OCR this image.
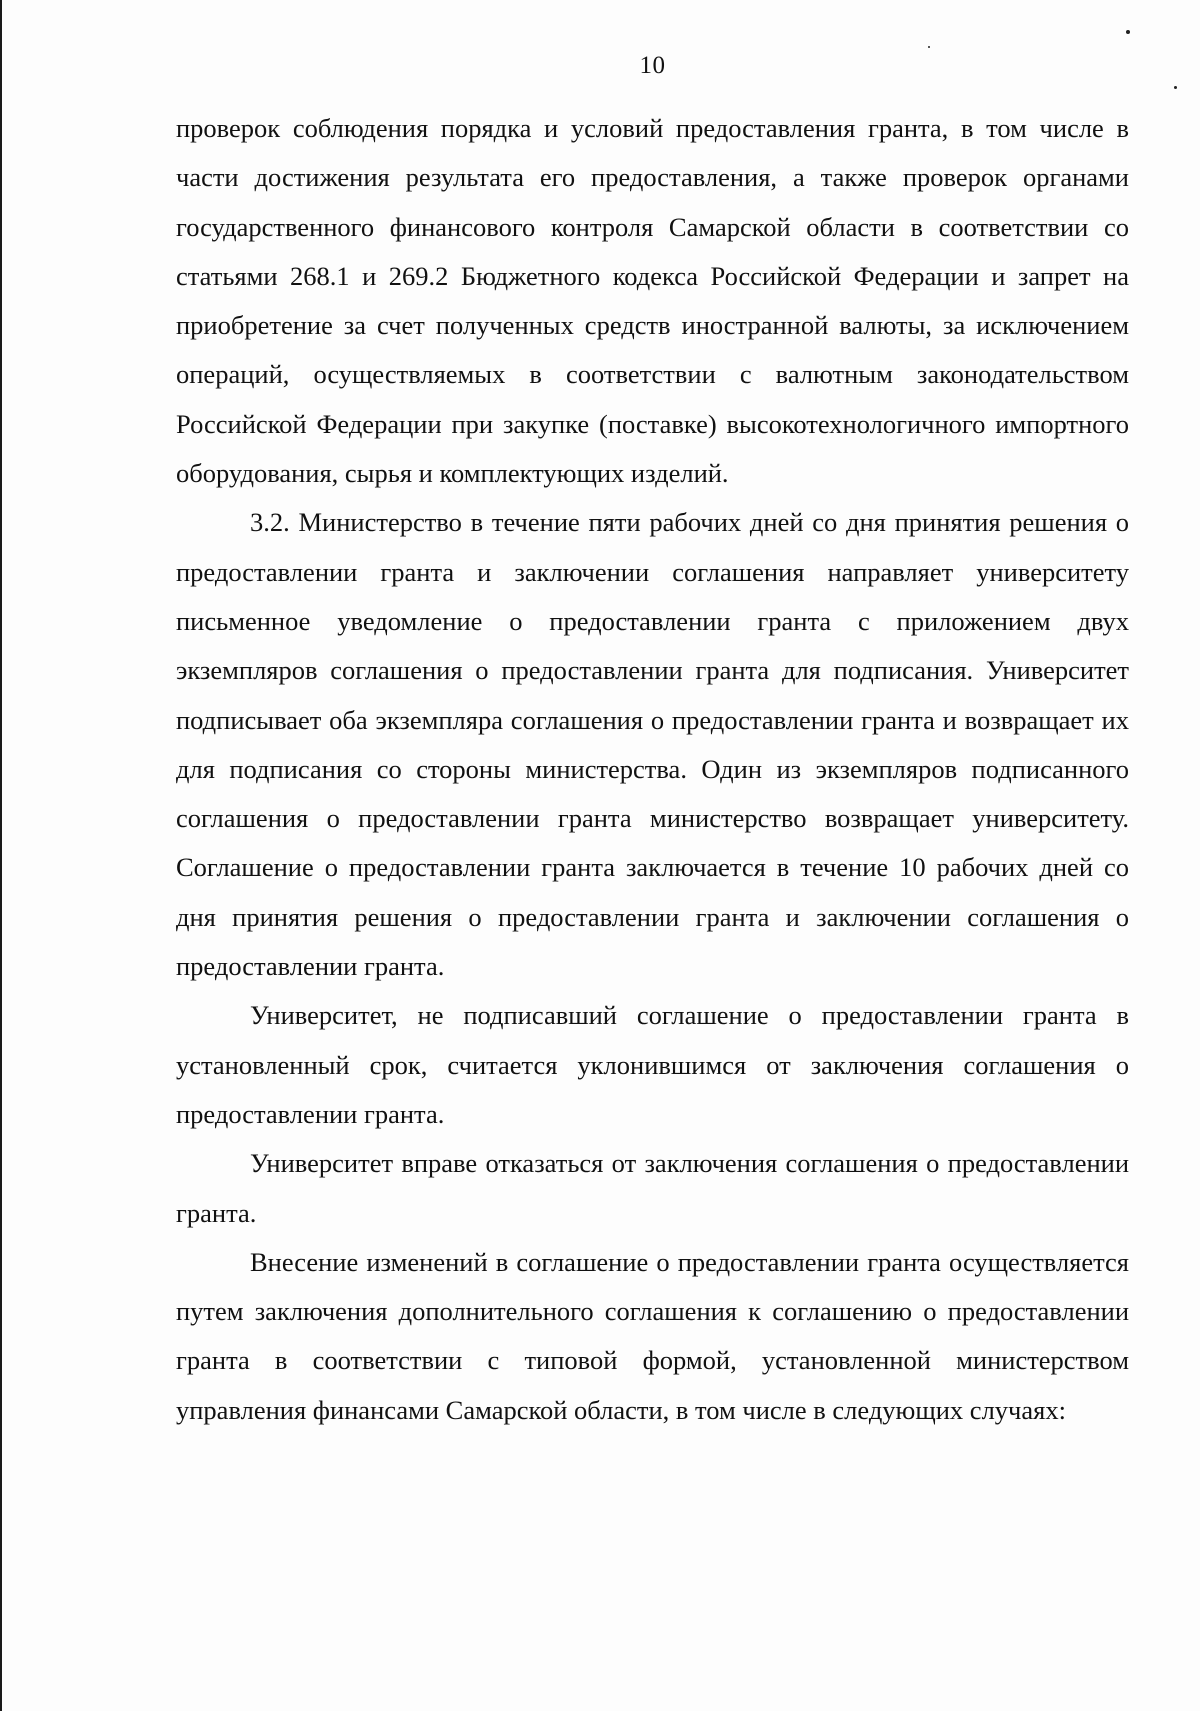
10

проверок соблюдения порядка и условий предоставления гранта, в том числе в части достижения результата его предоставления, а также проверок органами государственного финансового контроля Самарской области в соответствии со статьями 268.1 и 269.2 Бюджетного кодекса Российской Федерации и запрет на приобретение за счет полученных средств иностранной валюты, за исключением операций, осуществляемых в соответствии с валютным законодательством Российской Федерации при закупке (поставке) высокотехнологичного импортного оборудования, сырья и комплектующих изделий.

3.2. Министерство в течение пяти рабочих дней со дня принятия решения о предоставлении гранта и заключении соглашения направляет университету письменное уведомление о предоставлении гранта с приложением двух экземпляров соглашения о предоставлении гранта для подписания. Университет подписывает оба экземпляра соглашения о предоставлении гранта и возвращает их для подписания со стороны министерства. Один из экземпляров подписанного соглашения о предоставлении гранта министерство возвращает университету. Соглашение о предоставлении гранта заключается в течение 10 рабочих дней со дня принятия решения о предоставлении гранта и заключении соглашения о предоставлении гранта.

Университет, не подписавший соглашение о предоставлении гранта в установленный срок, считается уклонившимся от заключения соглашения о предоставлении гранта.

Университет вправе отказаться от заключения соглашения о предоставлении гранта.

Внесение изменений в соглашение о предоставлении гранта осуществляется путем заключения дополнительного соглашения к соглашению о предоставлении гранта в соответствии с типовой формой, установленной министерством управления финансами Самарской области, в том числе в следующих случаях:
